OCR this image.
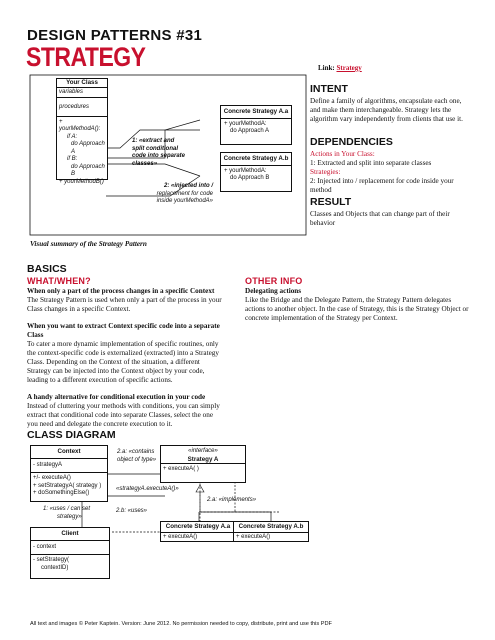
DESIGN PATTERNS #31
STRATEGY	Link: Strategy
Your Class
variables
procedures
+ yourMethodA():
if A:
do Approach A
if B:
do Approach B
+ yourMethodB()
1: «extract and
split conditional
code into separate
classes»
2: «injected into /
replacement for code
inside yourMethodA»
Concrete Strategy A.a
+ yourMethodA:
do Approach A
Concrete Strategy A.b
+ yourMethodA:
do Approach B
Visual summary of the Strategy Pattern
INTENT
Define a family of algorithms, encapsulate each one, and make them interchangeable. Strategy lets the algorithm vary independently from clients that use it.
DEPENDENCIES
Actions in Your Class:
1: Extracted and split into separate classes
Strategies:
2: Injected into / replacement for code inside your method
RESULT
Classes and Objects that can change part of their behavior
BASICS
WHAT/WHEN?
When only a part of the process changes in a specific Context
The Strategy Pattern is used when only a part of the process in your Class changes in a specific Context.
When you want to extract Context specific code into a separate Class
To cater a more dynamic implementation of specific routines, only the context-specific code is externalized (extracted) into a Strategy Class. Depending on the Context of the situation, a different Strategy can be injected into the Context object by your code, leading to a different execution of specific actions.
A handy alternative for conditional execution in your code
Instead of cluttering your methods with conditions, you can simply extract that conditional code into separate Classes, select the one you need and delegate the concrete execution to it.
OTHER INFO
Delegating actions
Like the Bridge and the Delegate Pattern, the Strategy Pattern delegates actions to another object. In the case of Strategy, this is the Strategy Object or concrete implementation of the Strategy per Context.
CLASS DIAGRAM
Context
- strategyA
+/- executeA()
+ setStrategyA( strategy )
+ doSomethingElse()
2.a: «contains
object of type»
«strategyA.executeA()»
«interface»
Strategy A
+ executeA( )
2.a: «implements»
1: «uses / can set
strategy»
2.b: «uses»
Client
- context
- setStrategy(
contextID)
Concrete Strategy A.a
+ executeA()
Concrete Strategy A.b
+ executeA()
All text and images © Peter Kaptein. Version: June 2012. No permission needed to copy, distribute, print and use this PDF
